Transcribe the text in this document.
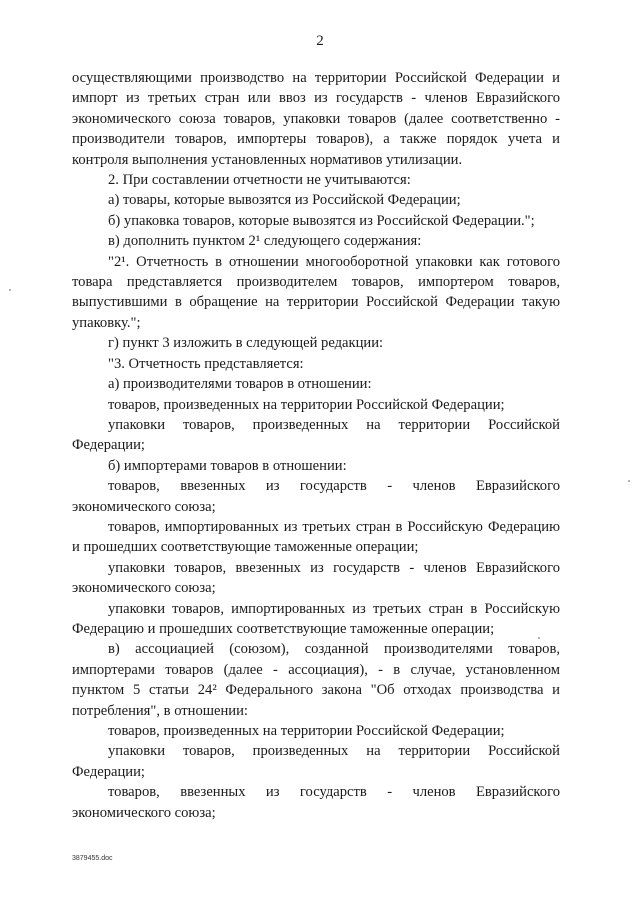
2

осуществляющими производство на территории Российской Федерации и импорт из третьих стран или ввоз из государств - членов Евразийского экономического союза товаров, упаковки товаров (далее соответственно - производители товаров, импортеры товаров), а также порядок учета и контроля выполнения установленных нормативов утилизации.

2. При составлении отчетности не учитываются:

а) товары, которые вывозятся из Российской Федерации;

б) упаковка товаров, которые вывозятся из Российской Федерации.";

в) дополнить пунктом 2¹ следующего содержания:

"2¹. Отчетность в отношении многооборотной упаковки как готового товара представляется производителем товаров, импортером товаров, выпустившими в обращение на территории Российской Федерации такую упаковку.";

г) пункт 3 изложить в следующей редакции:

"3. Отчетность представляется:

а) производителями товаров в отношении:

товаров, произведенных на территории Российской Федерации;

упаковки товаров, произведенных на территории Российской Федерации;

б) импортерами товаров в отношении:

товаров, ввезенных из государств - членов Евразийского экономического союза;

товаров, импортированных из третьих стран в Российскую Федерацию и прошедших соответствующие таможенные операции;

упаковки товаров, ввезенных из государств - членов Евразийского экономического союза;

упаковки товаров, импортированных из третьих стран в Российскую Федерацию и прошедших соответствующие таможенные операции;

в) ассоциацией (союзом), созданной производителями товаров, импортерами товаров (далее - ассоциация), - в случае, установленном пунктом 5 статьи 24² Федерального закона "Об отходах производства и потребления", в отношении:

товаров, произведенных на территории Российской Федерации;

упаковки товаров, произведенных на территории Российской Федерации;

товаров, ввезенных из государств - членов Евразийского экономического союза;

3879455.doc
